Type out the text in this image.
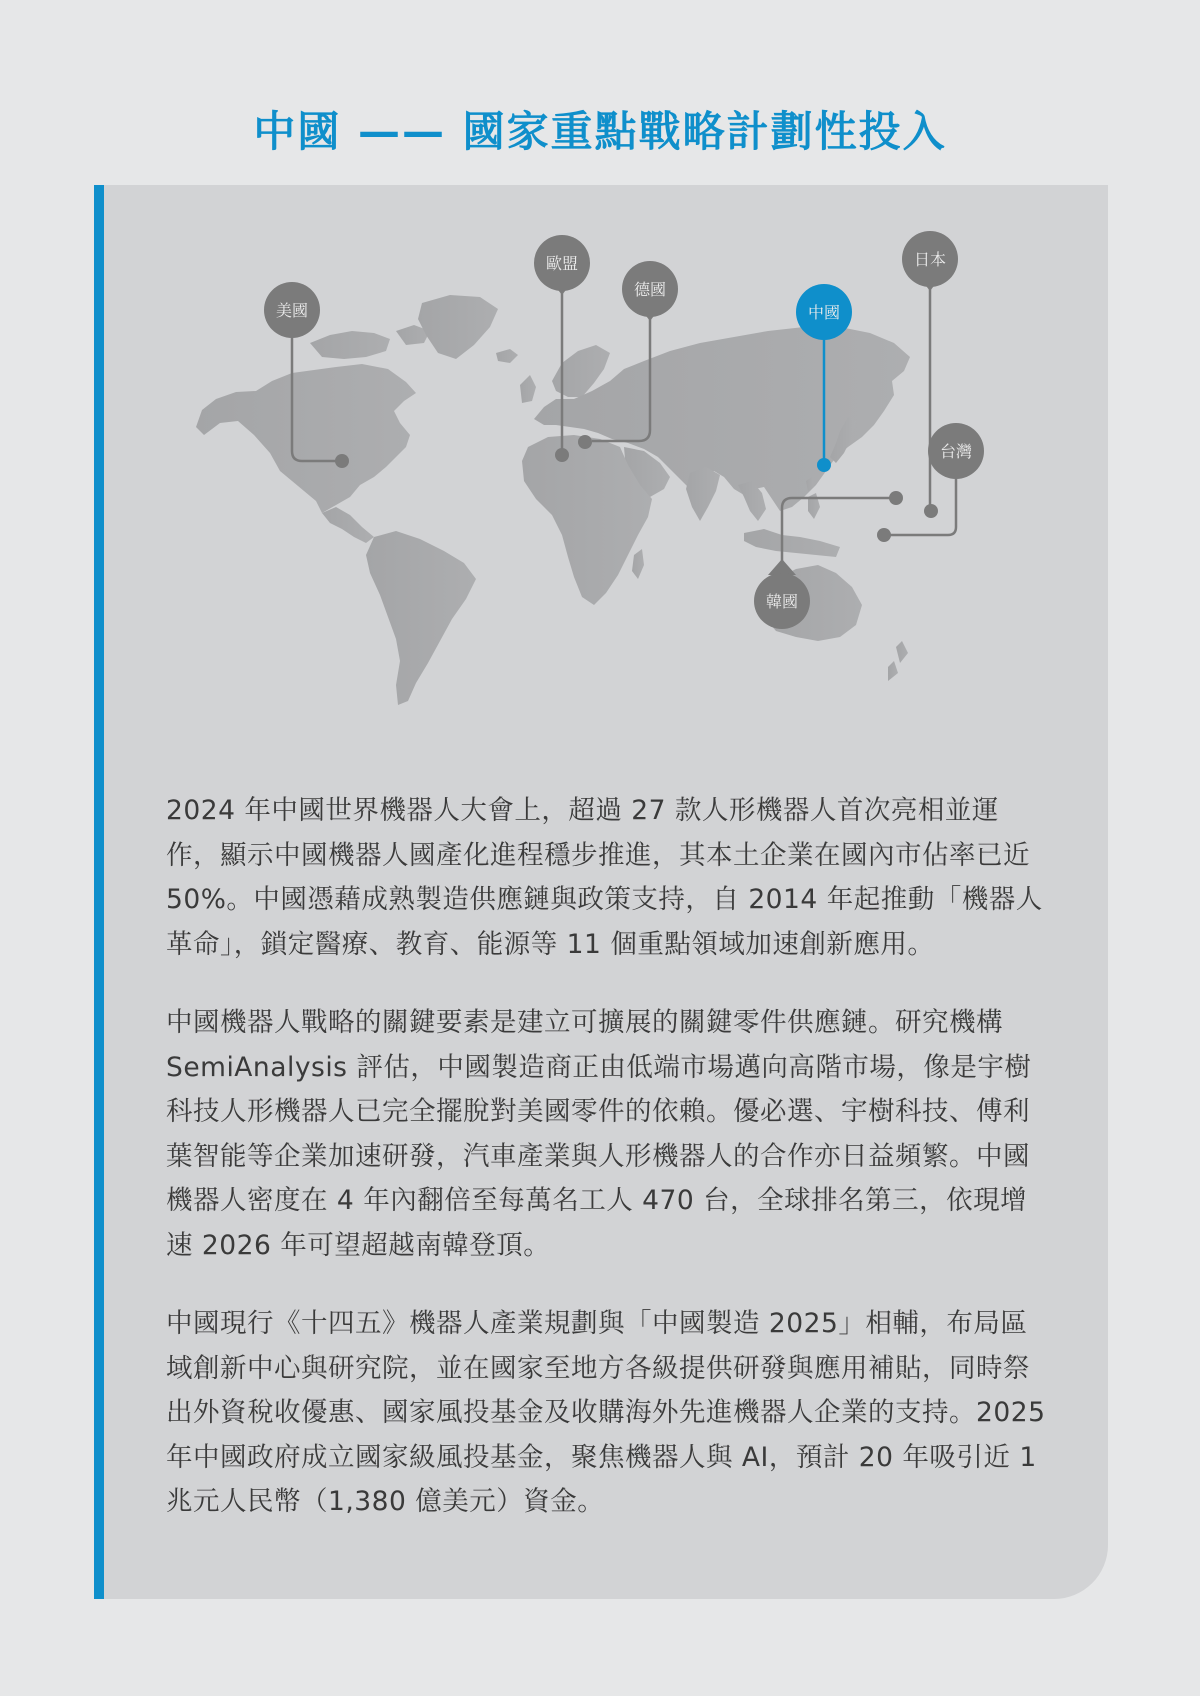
中國 —— 國家重點戰略計劃性投入
美國
歐盟
德國
中國
日本
台灣
韓國

2024 年中國世界機器人大會上，超過 27 款人形機器人首次亮相並運作，顯示中國機器人國產化進程穩步推進，其本土企業在國內市佔率已近 50%。中國憑藉成熟製造供應鏈與政策支持，自 2014 年起推動「機器人革命」，鎖定醫療、教育、能源等 11 個重點領域加速創新應用。

中國機器人戰略的關鍵要素是建立可擴展的關鍵零件供應鏈。研究機構 SemiAnalysis 評估，中國製造商正由低端市場邁向高階市場，像是宇樹科技人形機器人已完全擺脫對美國零件的依賴。優必選、宇樹科技、傅利葉智能等企業加速研發，汽車產業與人形機器人的合作亦日益頻繁。中國機器人密度在 4 年內翻倍至每萬名工人 470 台，全球排名第三，依現增速 2026 年可望超越南韓登頂。

中國現行《十四五》機器人產業規劃與「中國製造 2025」相輔，布局區域創新中心與研究院，並在國家至地方各級提供研發與應用補貼，同時祭出外資稅收優惠、國家風投基金及收購海外先進機器人企業的支持。2025 年中國政府成立國家級風投基金，聚焦機器人與 AI，預計 20 年吸引近 1 兆元人民幣（1,380 億美元）資金。
